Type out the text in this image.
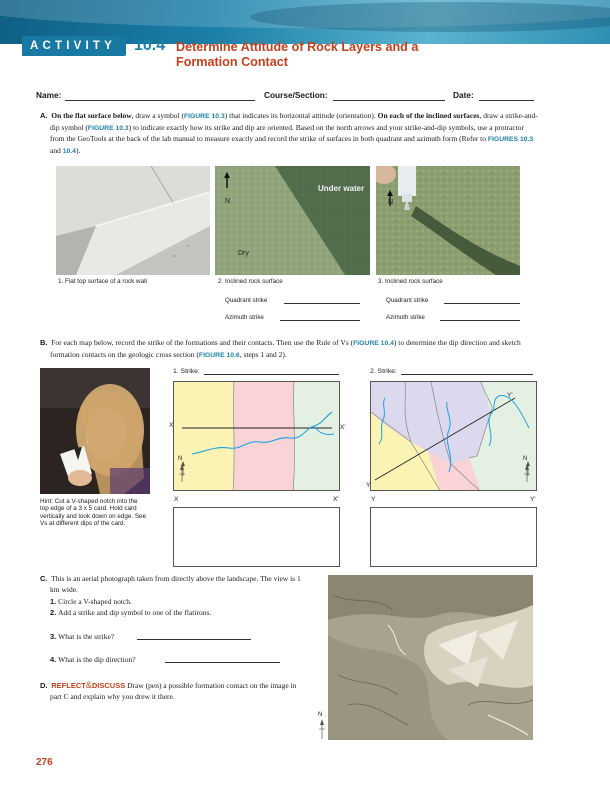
ACTIVITY 10.4 Determine Attitude of Rock Layers and a
Formation Contact
Name:	Course/Section:	Date:
A. On the flat surface below, draw a symbol (FIGURE 10.3) that indicates its horizontal attitude (orientation). On each of the inclined surfaces, draw a strike-and-dip symbol (FIGURE 10.3) to indicate exactly how its strike and dip are oriented. Based on the north arrows and your strike-and-dip symbols, use a protractor from the GeoTools at the back of the lab manual to measure exactly and record the strike of surfaces in both quadrant and azimuth form (Refer to FIGURES 10.3 and 10.4).
1. Flat top surface of a rock wall
N
Under water
Dry
2. Inclined rock surface
N
3. Inclined rock surface
Quadrant strike
Azimuth strike
Quadrant strike
Azimuth strike
B. For each map below, record the strike of the formations and their contacts. Then use the Rule of Vs (FIGURE 10.4) to determine the dip direction and sketch formation contacts on the geologic cross section (FIGURE 10.6, steps 1 and 2).
Hint: Cut a V-shaped notch into the top edge of a 3 x 5 card. Hold card vertically and look down on edge. See Vs at different dips of the card.
1. Strike:
X	X'
N
X	X'
2. Strike:
Y
Y'
N
Y	Y'
C. This is an aerial photograph taken from directly above the landscape. The view is 1 km wide.
1. Circle a V-shaped notch.
2. Add a strike and dip symbol to one of the flatirons.
3. What is the strike?
4. What is the dip direction?
D. REFLECT&DISCUSS Draw (pen) a possible formation contact on the image in part C and explain why you drew it there.
N
276
